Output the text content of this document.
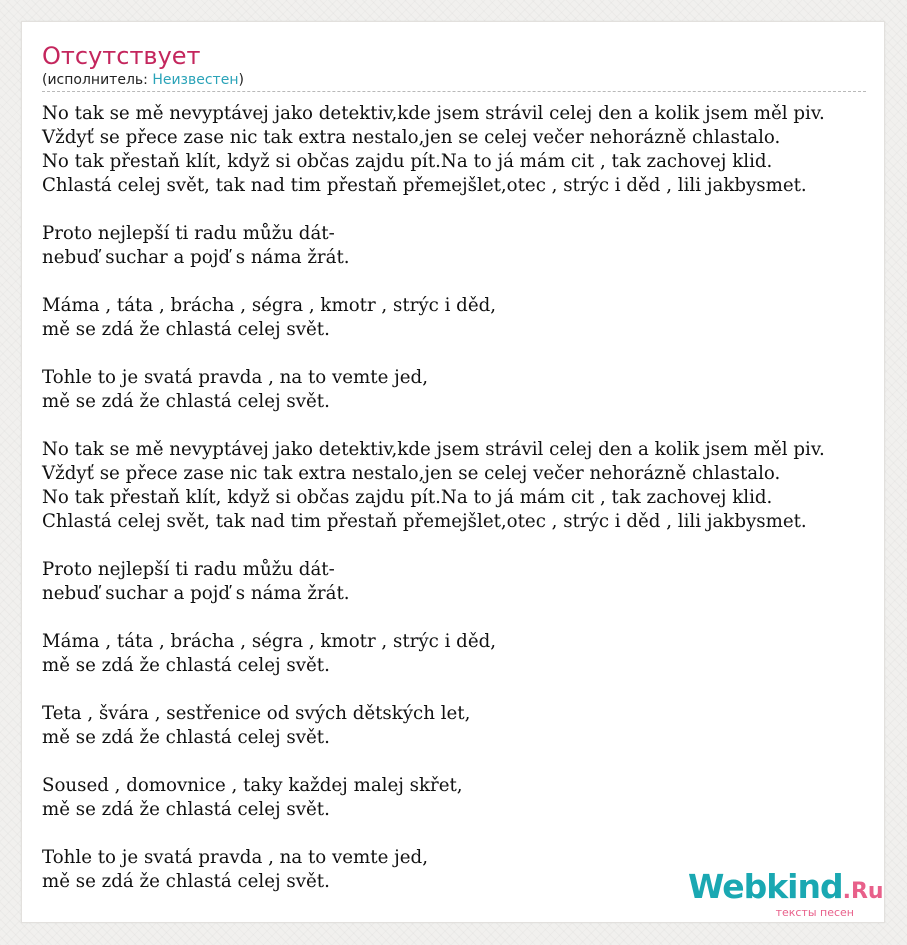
Отсутствует

(исполнитель: Неизвестен)

No tak se mě nevyptávej jako detektiv,kde jsem strávil celej den a kolik jsem měl piv.
Vždyť se přece zase nic tak extra nestalo,jen se celej večer nehorázně chlastalo.
No tak přestaň klít, když si občas zajdu pít.Na to já mám cit , tak zachovej klid.
Chlastá celej svět, tak nad tim přestaň přemejšlet,otec , strýc i děd , lili jakbysmet.
Proto nejlepší ti radu můžu dát-
nebuď suchar a pojď s náma žrát.
Máma , táta , brácha , ségra , kmotr , strýc i děd,
mě se zdá že chlastá celej svět.
Tohle to je svatá pravda , na to vemte jed,
mě se zdá že chlastá celej svět.
No tak se mě nevyptávej jako detektiv,kde jsem strávil celej den a kolik jsem měl piv.
Vždyť se přece zase nic tak extra nestalo,jen se celej večer nehorázně chlastalo.
No tak přestaň klít, když si občas zajdu pít.Na to já mám cit , tak zachovej klid.
Chlastá celej svět, tak nad tim přestaň přemejšlet,otec , strýc i děd , lili jakbysmet.
Proto nejlepší ti radu můžu dát-
nebuď suchar a pojď s náma žrát.
Máma , táta , brácha , ségra , kmotr , strýc i děd,
mě se zdá že chlastá celej svět.
Teta , švára , sestřenice od svých dětských let,
mě se zdá že chlastá celej svět.
Soused , domovnice , taky každej malej skřet,
mě se zdá že chlastá celej svět.
Tohle to je svatá pravda , na to vemte jed,
mě se zdá že chlastá celej svět.	Webkind.Ru
тексты песен
